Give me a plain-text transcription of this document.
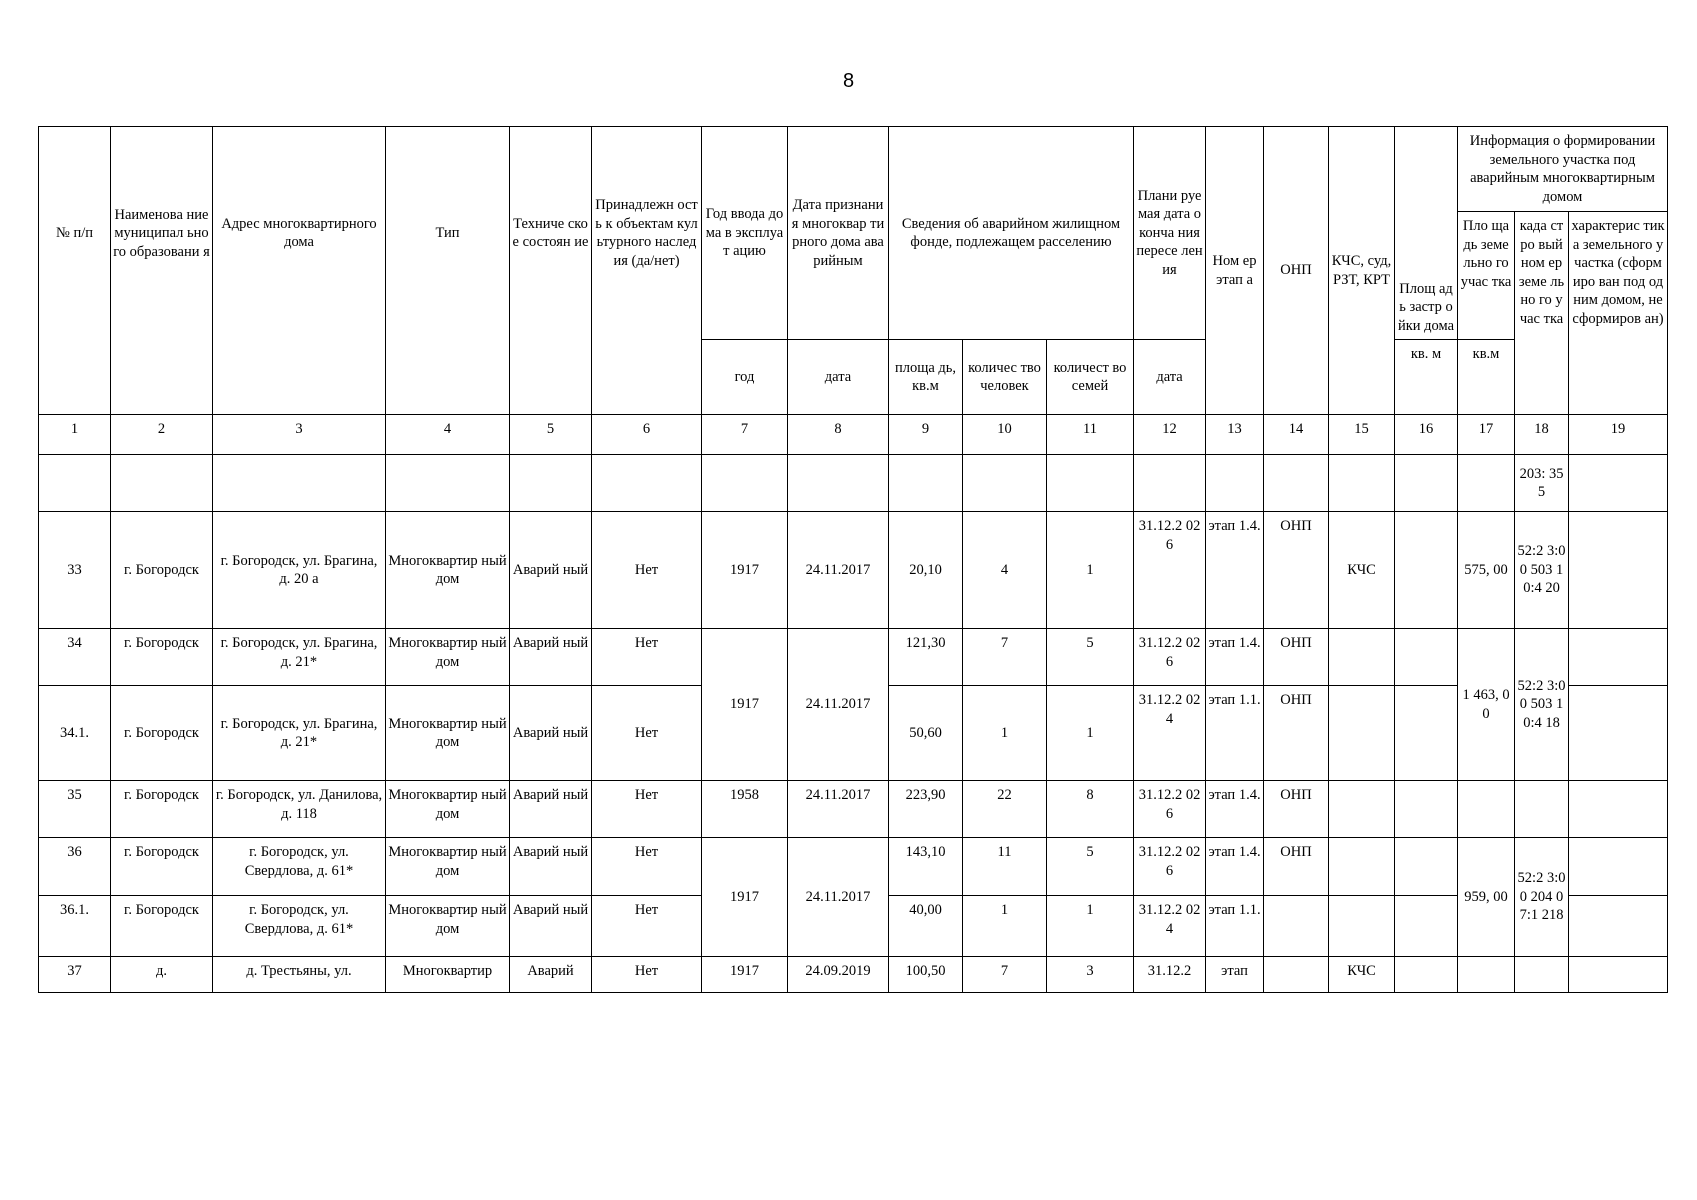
8
№ п/п	Наименова ние муниципал ьного образовани я	Адрес многоквартирного дома	Тип	Техниче ское состоян ие	Принадлежн ость к объектам культурного наследия (да/нет)	Год ввода дома в эксплуат ацию	Дата признания многоквар тирного дома аварийным	Сведения об аварийном жилищном фонде, подлежащем расселению			Плани руемая дата оконча ния пересе ления	Ном ер этап а	ОНП	КЧС, суд, РЗТ, КРТ	Площ адь застр ойки дома	Информация о формировании земельного участка под аварийным многоквартирным домом		
																Пло щадь земе льно го учас тка	када стро вый ном ер земе льно го учас тка	характерис тика земельного участка (сформиро ван под одним домом, не сформиров ан)
						год	дата	площа дь, кв.м	количес тво человек	количест во семей	дата				кв. м	кв.м		
1	2	3	4	5	6	7	8	9	10	11	12	13	14	15	16	17	18	19
																	203: 355	
33	г. Богородск	г. Богородск, ул. Брагина, д. 20 а	Многоквартир ный дом	Аварий ный	Нет	1917	24.11.2017	20,10	4	1	31.12.2 026	этап 1.4.	ОНП	КЧС		575, 00	52:2 3:00 503 10:4 20	
34	г. Богородск	г. Богородск, ул. Брагина, д. 21*	Многоквартир ный дом	Аварий ный	Нет	1917	24.11.2017	121,30	7	5	31.12.2 026	этап 1.4.	ОНП			1 463, 00	52:2 3:00 503 10:4 18	
34.1.	г. Богородск	г. Богородск, ул. Брагина, д. 21*	Многоквартир ный дом	Аварий ный	Нет			50,60	1	1	31.12.2 024	этап 1.1.	ОНП					
35	г. Богородск	г. Богородск, ул. Данилова, д. 118	Многоквартир ный дом	Аварий ный	Нет	1958	24.11.2017	223,90	22	8	31.12.2 026	этап 1.4.	ОНП					
36	г. Богородск	г. Богородск, ул. Свердлова, д. 61*	Многоквартир ный дом	Аварий ный	Нет	1917	24.11.2017	143,10	11	5	31.12.2 026	этап 1.4.	ОНП			959, 00	52:2 3:00 204 07:1 218	
36.1.	г. Богородск	г. Богородск, ул. Свердлова, д. 61*	Многоквартир ный дом	Аварий ный	Нет			40,00	1	1	31.12.2 024	этап 1.1.						
37	д.	д. Трестьяны, ул.	Многоквартир	Аварий	Нет	1917	24.09.2019	100,50	7	3	31.12.2	этап		КЧС				
